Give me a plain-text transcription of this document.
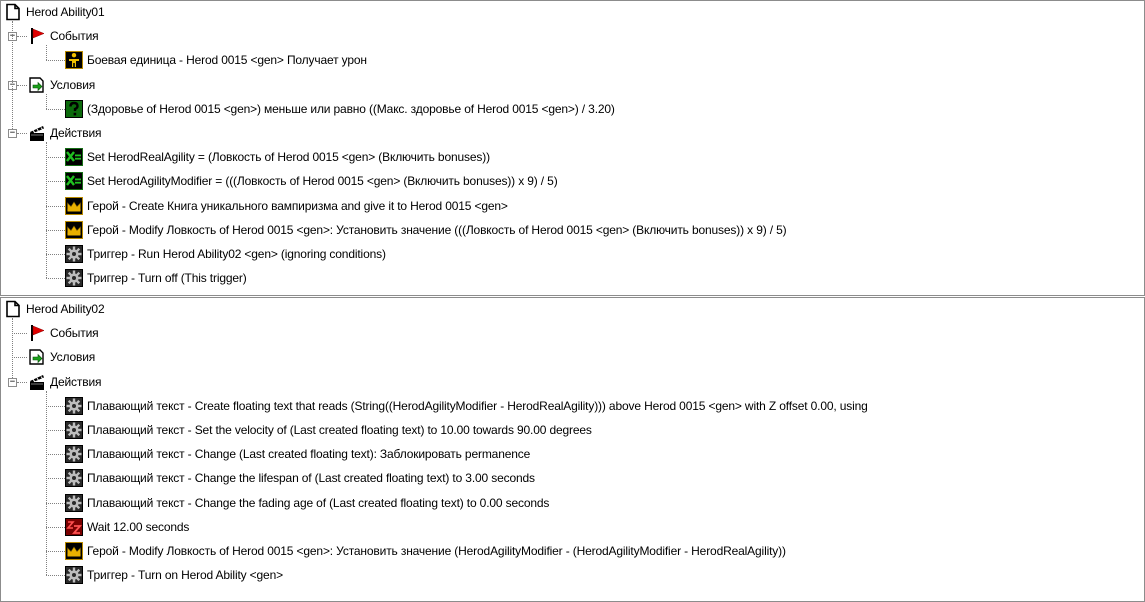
Herod Ability01
−	События
Боевая единица - Herod 0015 <gen> Получает урон
−	Условия
(Здоровье of Herod 0015 <gen>) меньше или равно ((Макс. здоровье of Herod 0015 <gen>) / 3.20)
−	Действия
Set HerodRealAgility = (Ловкость of Herod 0015 <gen> (Включить bonuses))
Set HerodAgilityModifier = (((Ловкость of Herod 0015 <gen> (Включить bonuses)) x 9) / 5)
Герой - Create Книга уникального вампиризма and give it to Herod 0015 <gen>
Герой - Modify Ловкость of Herod 0015 <gen>: Установить значение (((Ловкость of Herod 0015 <gen> (Включить bonuses)) x 9) / 5)
Триггер - Run Herod Ability02 <gen> (ignoring conditions)
Триггер - Turn off (This trigger)
Herod Ability02
События
Условия
−	Действия
Плавающий текст - Create floating text that reads (String((HerodAgilityModifier - HerodRealAgility))) above Herod 0015 <gen> with Z offset 0.00, using
Плавающий текст - Set the velocity of (Last created floating text) to 10.00 towards 90.00 degrees
Плавающий текст - Change (Last created floating text): Заблокировать permanence
Плавающий текст - Change the lifespan of (Last created floating text) to 3.00 seconds
Плавающий текст - Change the fading age of (Last created floating text) to 0.00 seconds
Wait 12.00 seconds
Герой - Modify Ловкость of Herod 0015 <gen>: Установить значение (HerodAgilityModifier - (HerodAgilityModifier - HerodRealAgility))
Триггер - Turn on Herod Ability <gen>
